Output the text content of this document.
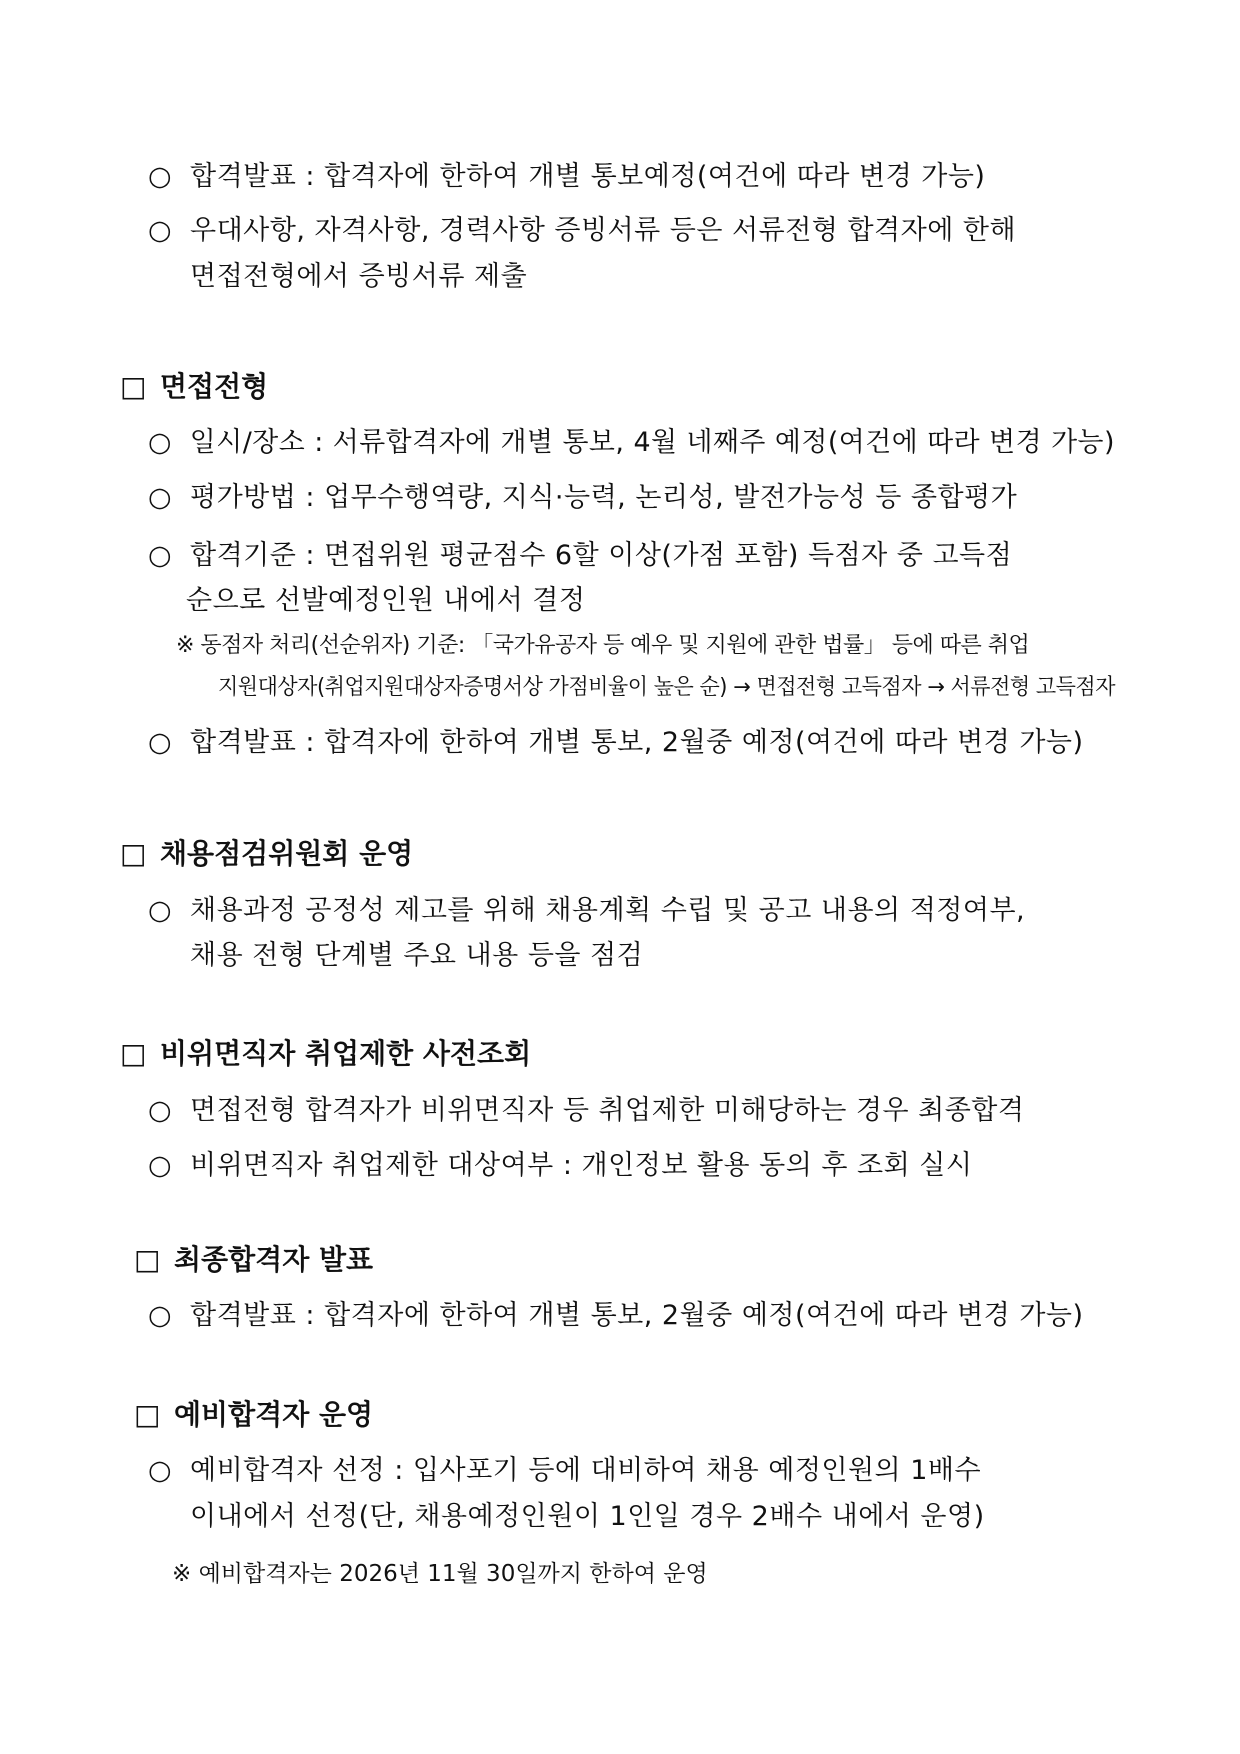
○ 합격발표 : 합격자에 한하여 개별 통보예정(여건에 따라 변경 가능)
○ 우대사항, 자격사항, 경력사항 증빙서류 등은 서류전형 합격자에 한해
면접전형에서 증빙서류 제출
□ 면접전형
○ 일시/장소 : 서류합격자에 개별 통보, 4월 네째주 예정(여건에 따라 변경 가능)
○ 평가방법 : 업무수행역량, 지식·능력, 논리성, 발전가능성 등 종합평가
○ 합격기준 : 면접위원 평균점수 6할 이상(가점 포함) 득점자 중 고득점
순으로 선발예정인원 내에서 결정
※ 동점자 처리(선순위자) 기준: 「국가유공자 등 예우 및 지원에 관한 법률」 등에 따른 취업
지원대상자(취업지원대상자증명서상 가점비율이 높은 순) → 면접전형 고득점자 → 서류전형 고득점자
○ 합격발표 : 합격자에 한하여 개별 통보, 2월중 예정(여건에 따라 변경 가능)
□ 채용점검위원회 운영
○ 채용과정 공정성 제고를 위해 채용계획 수립 및 공고 내용의 적정여부,
채용 전형 단계별 주요 내용 등을 점검
□ 비위면직자 취업제한 사전조회
○ 면접전형 합격자가 비위면직자 등 취업제한 미해당하는 경우 최종합격
○ 비위면직자 취업제한 대상여부 : 개인정보 활용 동의 후 조회 실시
□ 최종합격자 발표
○ 합격발표 : 합격자에 한하여 개별 통보, 2월중 예정(여건에 따라 변경 가능)
□ 예비합격자 운영
○ 예비합격자 선정 : 입사포기 등에 대비하여 채용 예정인원의 1배수
이내에서 선정(단, 채용예정인원이 1인일 경우 2배수 내에서 운영)
※ 예비합격자는 2026년 11월 30일까지 한하여 운영
